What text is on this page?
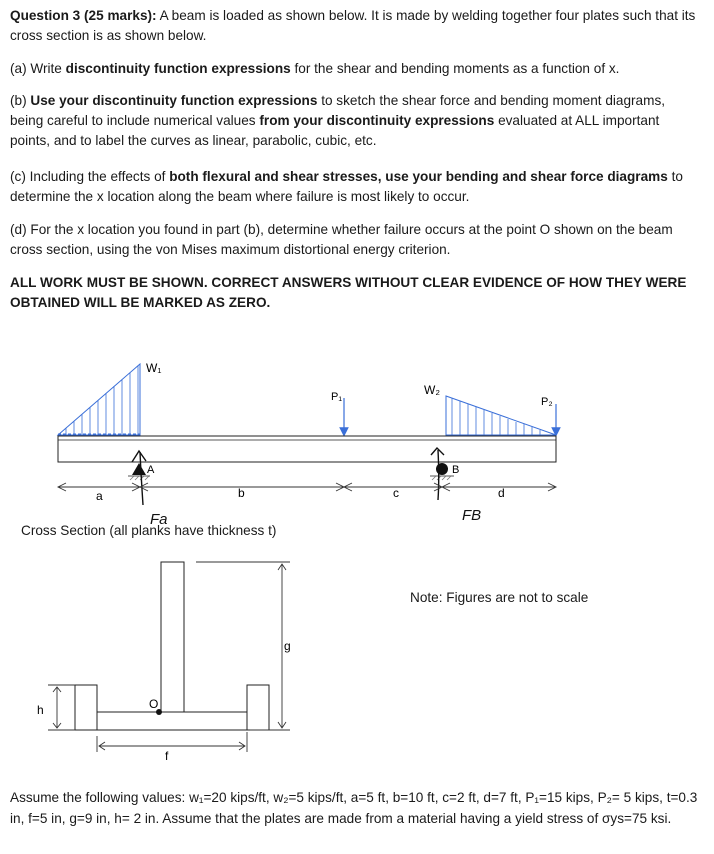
Question 3 (25 marks): A beam is loaded as shown below. It is made by welding together four plates such that its cross section is as shown below.

(a) Write discontinuity function expressions for the shear and bending moments as a function of x.

(b) Use your discontinuity function expressions to sketch the shear force and bending moment diagrams, being careful to include numerical values from your discontinuity expressions evaluated at ALL important points, and to label the curves as linear, parabolic, cubic, etc.

(c) Including the effects of both flexural and shear stresses, use your bending and shear force diagrams to determine the x location along the beam where failure is most likely to occur.

(d) For the x location you found in part (b), determine whether failure occurs at the point O shown on the beam cross section, using the von Mises maximum distortional energy criterion.

ALL WORK MUST BE SHOWN. CORRECT ANSWERS WITHOUT CLEAR EVIDENCE OF HOW THEY WERE OBTAINED WILL BE MARKED AS ZERO.
W₁
W₂
P₁	P₂
A	B
Fa	FB
a	b	c	d
O
g
h
f
Cross Section (all planks have thickness t)
Note: Figures are not to scale
Assume the following values: w₁=20 kips/ft, w₂=5 kips/ft, a=5 ft, b=10 ft, c=2 ft, d=7 ft, P₁=15 kips, P₂= 5 kips, t=0.3 in, f=5 in, g=9 in, h= 2 in. Assume that the plates are made from a material having a yield stress of σys=75 ksi.
